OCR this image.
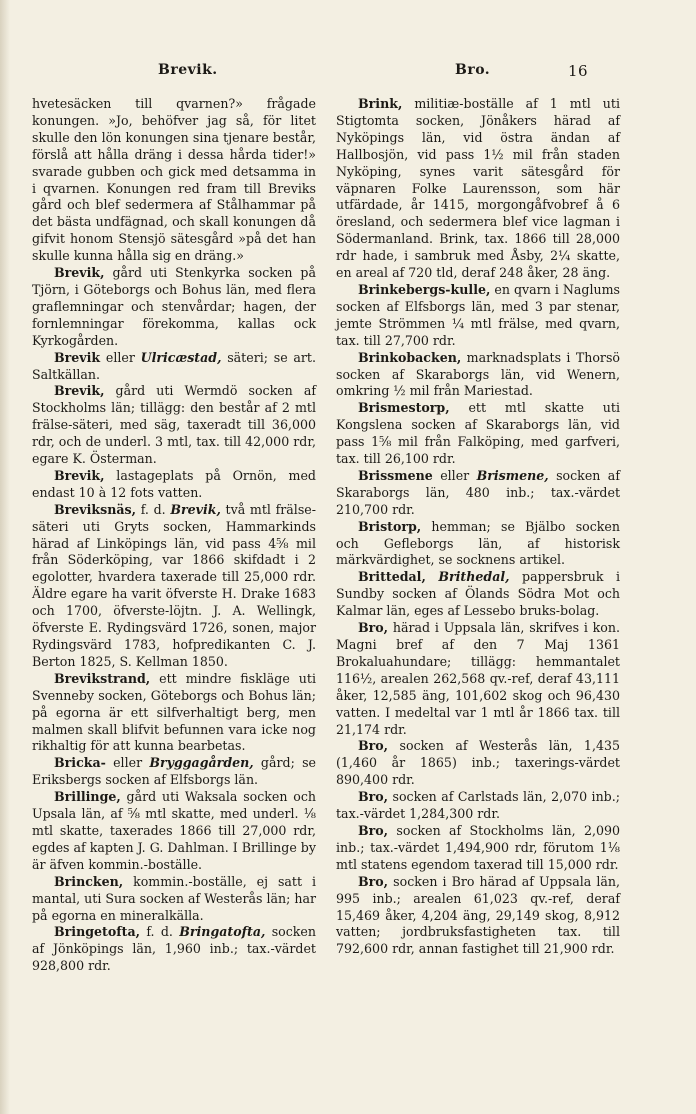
Brevik.	Bro.	16

hvetesäcken till qvarnen?» frågade konungen. »Jo, behöfver jag så, för litet skulle den lön konungen sina tjenare består, förslå att hålla dräng i dessa hårda tider!» svarade gubben och gick med detsamma in i qvarnen. Konungen red fram till Breviks gård och blef sedermera af Stålhammar på det bästa undfägnad, och skall konungen då gifvit honom Stensjö sätesgård »på det han skulle kunna hålla sig en dräng.»

Brevik, gård uti Stenkyrka socken på Tjörn, i Göteborgs och Bohus län, med flera graflemningar och stenvårdar; hagen, der fornlemningar förekomma, kallas ock Kyrkogården.

Brevik eller Ulricæstad, säteri; se art. Saltkällan.

Brevik, gård uti Wermdö socken af Stockholms län; tillägg: den består af 2 mtl frälse-säteri, med säg, taxeradt till 36,000 rdr, och de underl. 3 mtl, tax. till 42,000 rdr, egare K. Österman.

Brevik, lastageplats på Ornön, med endast 10 à 12 fots vatten.

Breviksnäs, f. d. Brevik, två mtl frälse-säteri uti Gryts socken, Hammarkinds härad af Linköpings län, vid pass 4⅝ mil från Söderköping, var 1866 skifdadt i 2 egolotter, hvardera taxerade till 25,000 rdr. Äldre egare ha varit öfverste H. Drake 1683 och 1700, öfverste-löjtn. J. A. Wellingk, öfverste E. Rydingsvärd 1726, sonen, major Rydingsvärd 1783, hofpredikanten C. J. Berton 1825, S. Kellman 1850.

Brevikstrand, ett mindre fiskläge uti Svenneby socken, Göteborgs och Bohus län; på egorna är ett silfverhaltigt berg, men malmen skall blifvit befunnen vara icke nog rikhaltig för att kunna bearbetas.

Bricka- eller Bryggagården, gård; se Eriksbergs socken af Elfsborgs län.

Brillinge, gård uti Waksala socken och Upsala län, af ⅝ mtl skatte, med underl. ⅛ mtl skatte, taxerades 1866 till 27,000 rdr, egdes af kapten J. G. Dahlman. I Brillinge by är äfven kommin.-boställe.

Brincken, kommin.-boställe, ej satt i mantal, uti Sura socken af Westerås län; har på egorna en mineralkälla.

Bringetofta, f. d. Bringatofta, socken af Jönköpings län, 1,960 inb.; tax.-värdet 928,800 rdr.

Brink, militiæ-boställe af 1 mtl uti Stigtomta socken, Jönåkers härad af Nyköpings län, vid östra ändan af Hallbosjön, vid pass 1½ mil från staden Nyköping, synes varit sätesgård för väpnaren Folke Laurensson, som här utfärdade, år 1415, morgongåfvobref å 6 öresland, och sedermera blef vice lagman i Södermanland. Brink, tax. 1866 till 28,000 rdr hade, i sambruk med Åsby, 2¼ skatte, en areal af 720 tld, deraf 248 åker, 28 äng.

Brinkebergs-kulle, en qvarn i Naglums socken af Elfsborgs län, med 3 par stenar, jemte Strömmen ¼ mtl frälse, med qvarn, tax. till 27,700 rdr.

Brinkobacken, marknadsplats i Thorsö socken af Skaraborgs län, vid Wenern, omkring ½ mil från Mariestad.

Brismestorp, ett mtl skatte uti Kongslena socken af Skaraborgs län, vid pass 1⅝ mil från Falköping, med garfveri, tax. till 26,100 rdr.

Brissmene eller Brismene, socken af Skaraborgs län, 480 inb.; tax.-värdet 210,700 rdr.

Bristorp, hemman; se Bjälbo socken och Gefleborgs län, af historisk märkvärdighet, se socknens artikel.

Brittedal, Brithedal, pappersbruk i Sundby socken af Ölands Södra Mot och Kalmar län, eges af Lessebo bruks-bolag.

Bro, härad i Uppsala län, skrifves i kon. Magni bref af den 7 Maj 1361 Brokaluahundare; tillägg: hemmantalet 116½, arealen 262,568 qv.-ref, deraf 43,111 åker, 12,585 äng, 101,602 skog och 96,430 vatten. I medeltal var 1 mtl år 1866 tax. till 21,174 rdr.

Bro, socken af Westerås län, 1,435 (1,460 år 1865) inb.; taxerings-värdet 890,400 rdr.

Bro, socken af Carlstads län, 2,070 inb.; tax.-värdet 1,284,300 rdr.

Bro, socken af Stockholms län, 2,090 inb.; tax.-värdet 1,494,900 rdr, förutom 1⅛ mtl statens egendom taxerad till 15,000 rdr.

Bro, socken i Bro härad af Uppsala län, 995 inb.; arealen 61,023 qv.-ref, deraf 15,469 åker, 4,204 äng, 29,149 skog, 8,912 vatten; jordbruksfastigheten tax. till 792,600 rdr, annan fastighet till 21,900 rdr.
